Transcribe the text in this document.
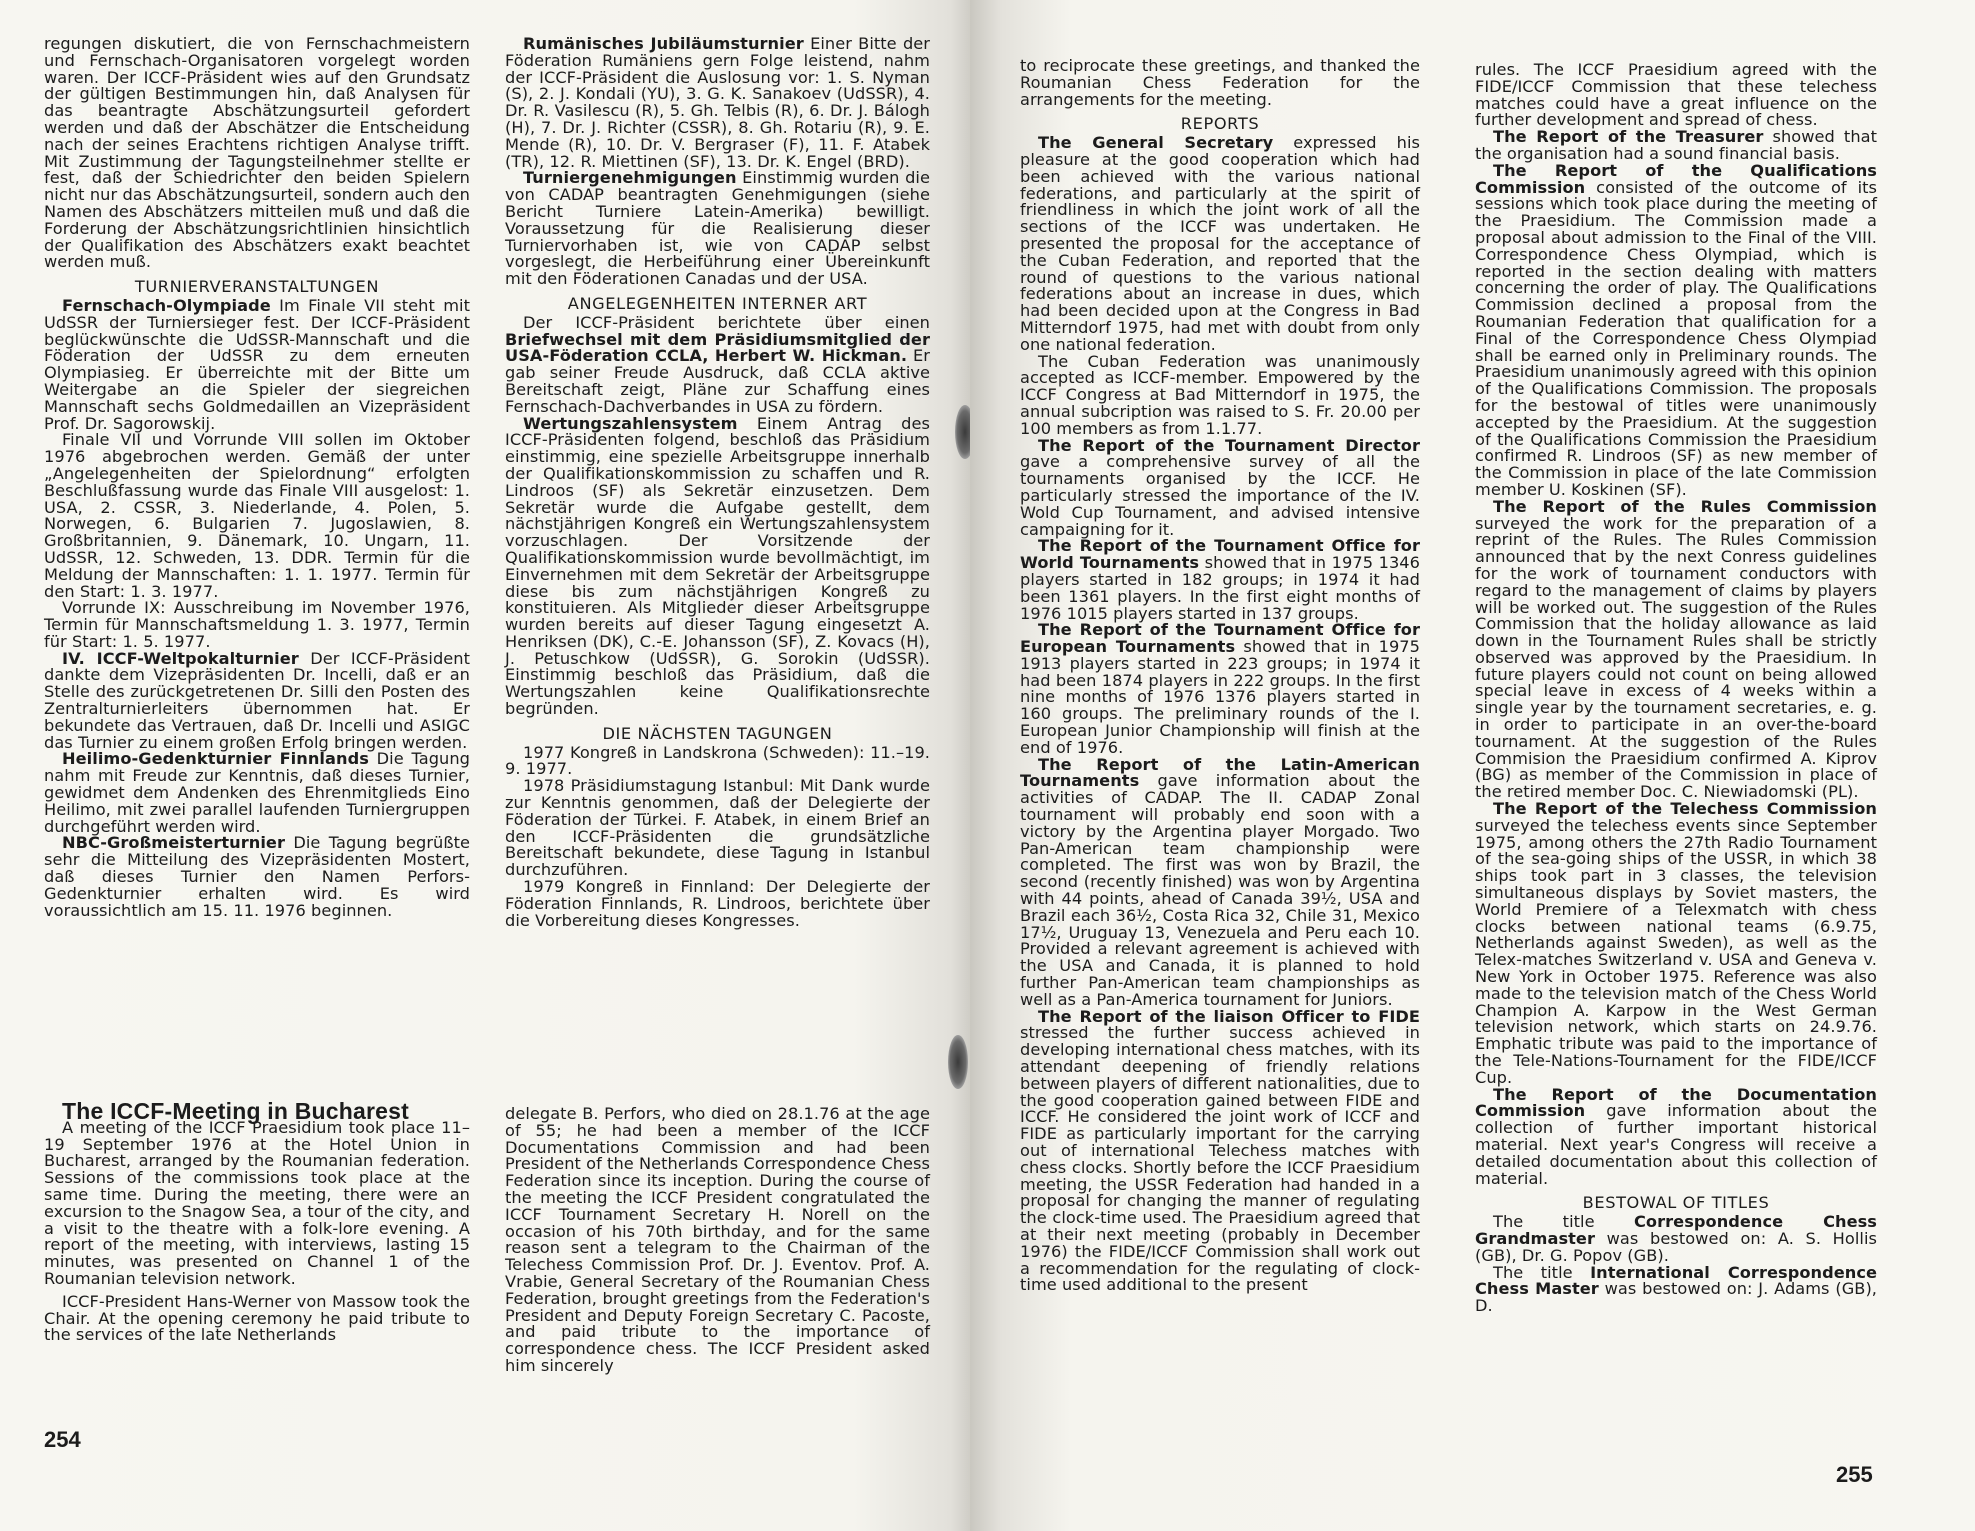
regungen diskutiert, die von Fernschachmeistern und Fernschach-Organisatoren vorgelegt worden waren. Der ICCF-Präsident wies auf den Grundsatz der gültigen Bestimmungen hin, daß Analysen für das beantragte Abschätzungsurteil gefordert werden und daß der Abschätzer die Entscheidung nach der seines Erachtens richtigen Analyse trifft. Mit Zustimmung der Tagungsteilnehmer stellte er fest, daß der Schiedrichter den beiden Spielern nicht nur das Abschätzungsurteil, sondern auch den Namen des Abschätzers mitteilen muß und daß die Forderung der Abschätzungsrichtlinien hinsichtlich der Qualifikation des Abschätzers exakt beachtet werden muß.

TURNIERVERANSTALTUNGEN

Fernschach-Olympiade Im Finale VII steht mit UdSSR der Turniersieger fest. Der ICCF-Präsident beglückwünschte die UdSSR-Mannschaft und die Föderation der UdSSR zu dem erneuten Olympiasieg. Er überreichte mit der Bitte um Weitergabe an die Spieler der siegreichen Mannschaft sechs Goldmedaillen an Vizepräsident Prof. Dr. Sagorowskij.

Finale VII und Vorrunde VIII sollen im Oktober 1976 abgebrochen werden. Gemäß der unter „Angelegenheiten der Spielordnung“ erfolgten Beschlußfassung wurde das Finale VIII ausgelost: 1. USA, 2. CSSR, 3. Niederlande, 4. Polen, 5. Norwegen, 6. Bulgarien 7. Jugoslawien, 8. Großbritannien, 9. Dänemark, 10. Ungarn, 11. UdSSR, 12. Schweden, 13. DDR. Termin für die Meldung der Mannschaften: 1. 1. 1977. Termin für den Start: 1. 3. 1977.

Vorrunde IX: Ausschreibung im November 1976, Termin für Mannschaftsmeldung 1. 3. 1977, Termin für Start: 1. 5. 1977.

IV. ICCF-Weltpokalturnier Der ICCF-Präsident dankte dem Vizepräsidenten Dr. Incelli, daß er an Stelle des zurückgetretenen Dr. Silli den Posten des Zentralturnierleiters übernommen hat. Er bekundete das Vertrauen, daß Dr. Incelli und ASIGC das Turnier zu einem großen Erfolg bringen werden.

Heilimo-Gedenkturnier Finnlands Die Tagung nahm mit Freude zur Kenntnis, daß dieses Turnier, gewidmet dem Andenken des Ehrenmitglieds Eino Heilimo, mit zwei parallel laufenden Turniergruppen durchgeführt werden wird.

NBC-Großmeisterturnier Die Tagung begrüßte sehr die Mitteilung des Vizepräsidenten Mostert, daß dieses Turnier den Namen Perfors-Gedenkturnier erhalten wird. Es wird voraussichtlich am 15. 11. 1976 beginnen.

The ICCF-Meeting in Bucharest

A meeting of the ICCF Praesidium took place 11–19 September 1976 at the Hotel Union in Bucharest, arranged by the Roumanian federation. Sessions of the commissions took place at the same time. During the meeting, there were an excursion to the Snagow Sea, a tour of the city, and a visit to the theatre with a folk-lore evening. A report of the meeting, with interviews, lasting 15 minutes, was presented on Channel 1 of the Roumanian television network.

ICCF-President Hans-Werner von Massow took the Chair. At the opening ceremony he paid tribute to the services of the late Netherlands

Rumänisches Jubiläumsturnier Einer Bitte der Föderation Rumäniens gern Folge leistend, nahm der ICCF-Präsident die Auslosung vor: 1. S. Nyman (S), 2. J. Kondali (YU), 3. G. K. Sanakoev (UdSSR), 4. Dr. R. Vasilescu (R), 5. Gh. Telbis (R), 6. Dr. J. Bálogh (H), 7. Dr. J. Richter (CSSR), 8. Gh. Rotariu (R), 9. E. Mende (R), 10. Dr. V. Bergraser (F), 11. F. Atabek (TR), 12. R. Miettinen (SF), 13. Dr. K. Engel (BRD).

Turniergenehmigungen Einstimmig wurden die von CADAP beantragten Genehmigungen (siehe Bericht Turniere Latein-Amerika) bewilligt. Voraussetzung für die Realisierung dieser Turniervorhaben ist, wie von CADAP selbst vorgeslegt, die Herbeiführung einer Übereinkunft mit den Föderationen Canadas und der USA.

ANGELEGENHEITEN INTERNER ART

Der ICCF-Präsident berichtete über einen Briefwechsel mit dem Präsidiumsmitglied der USA-Föderation CCLA, Herbert W. Hickman. Er gab seiner Freude Ausdruck, daß CCLA aktive Bereitschaft zeigt, Pläne zur Schaffung eines Fernschach-Dachverbandes in USA zu fördern.

Wertungszahlensystem Einem Antrag des ICCF-Präsidenten folgend, beschloß das Präsidium einstimmig, eine spezielle Arbeitsgruppe innerhalb der Qualifikationskommission zu schaffen und R. Lindroos (SF) als Sekretär einzusetzen. Dem Sekretär wurde die Aufgabe gestellt, dem nächstjährigen Kongreß ein Wertungszahlensystem vorzuschlagen. Der Vorsitzende der Qualifikationskommission wurde bevollmächtigt, im Einvernehmen mit dem Sekretär der Arbeitsgruppe diese bis zum nächstjährigen Kongreß zu konstituieren. Als Mitglieder dieser Arbeitsgruppe wurden bereits auf dieser Tagung eingesetzt A. Henriksen (DK), C.-E. Johansson (SF), Z. Kovacs (H), J. Petuschkow (UdSSR), G. Sorokin (UdSSR). Einstimmig beschloß das Präsidium, daß die Wertungszahlen keine Qualifikationsrechte begründen.

DIE NÄCHSTEN TAGUNGEN

1977 Kongreß in Landskrona (Schweden): 11.–19. 9. 1977.

1978 Präsidiumstagung Istanbul: Mit Dank wurde zur Kenntnis genommen, daß der Delegierte der Föderation der Türkei. F. Atabek, in einem Brief an den ICCF-Präsidenten die grundsätzliche Bereitschaft bekundete, diese Tagung in Istanbul durchzuführen.

1979 Kongreß in Finnland: Der Delegierte der Föderation Finnlands, R. Lindroos, berichtete über die Vorbereitung dieses Kongresses.

delegate B. Perfors, who died on 28.1.76 at the age of 55; he had been a member of the ICCF Documentations Commission and had been President of the Netherlands Correspondence Chess Federation since its inception. During the course of the meeting the ICCF President congratulated the ICCF Tournament Secretary H. Norell on the occasion of his 70th birthday, and for the same reason sent a telegram to the Chairman of the Telechess Commission Prof. Dr. J. Eventov. Prof. A. Vrabie, General Secretary of the Roumanian Chess Federation, brought greetings from the Federation's President and Deputy Foreign Secretary C. Pacoste, and paid tribute to the importance of correspondence chess. The ICCF President asked him sincerely

254

to reciprocate these greetings, and thanked the Roumanian Chess Federation for the arrangements for the meeting.

REPORTS

The General Secretary expressed his pleasure at the good cooperation which had been achieved with the various national federations, and particularly at the spirit of friendliness in which the joint work of all the sections of the ICCF was undertaken. He presented the proposal for the acceptance of the Cuban Federation, and reported that the round of questions to the various national federations about an increase in dues, which had been decided upon at the Congress in Bad Mitterndorf 1975, had met with doubt from only one national federation.

The Cuban Federation was unanimously accepted as ICCF-member. Empowered by the ICCF Congress at Bad Mitterndorf in 1975, the annual subcription was raised to S. Fr. 20.00 per 100 members as from 1.1.77.

The Report of the Tournament Director gave a comprehensive survey of all the tournaments organised by the ICCF. He particularly stressed the importance of the IV. Wold Cup Tournament, and advised intensive campaigning for it.

The Report of the Tournament Office for World Tournaments showed that in 1975 1346 players started in 182 groups; in 1974 it had been 1361 players. In the first eight months of 1976 1015 players started in 137 groups.

The Report of the Tournament Office for European Tournaments showed that in 1975 1913 players started in 223 groups; in 1974 it had been 1874 players in 222 groups. In the first nine months of 1976 1376 players started in 160 groups. The preliminary rounds of the I. European Junior Championship will finish at the end of 1976.

The Report of the Latin-American Tournaments gave information about the activities of CADAP. The II. CADAP Zonal tournament will probably end soon with a victory by the Argentina player Morgado. Two Pan-American team championship were completed. The first was won by Brazil, the second (recently finished) was won by Argentina with 44 points, ahead of Canada 39½, USA and Brazil each 36½, Costa Rica 32, Chile 31, Mexico 17½, Uruguay 13, Venezuela and Peru each 10. Provided a relevant agreement is achieved with the USA and Canada, it is planned to hold further Pan-American team championships as well as a Pan-America tournament for Juniors.

The Report of the liaison Officer to FIDE stressed the further success achieved in developing international chess matches, with its attendant deepening of friendly relations between players of different nationalities, due to the good cooperation gained between FIDE and ICCF. He considered the joint work of ICCF and FIDE as particularly important for the carrying out of international Telechess matches with chess clocks. Shortly before the ICCF Praesidium meeting, the USSR Federation had handed in a proposal for changing the manner of regulating the clock-time used. The Praesidium agreed that at their next meeting (probably in December 1976) the FIDE/ICCF Commission shall work out a recommendation for the regulating of clock-time used additional to the present

rules. The ICCF Praesidium agreed with the FIDE/ICCF Commission that these telechess matches could have a great influence on the further development and spread of chess.

The Report of the Treasurer showed that the organisation had a sound financial basis.

The Report of the Qualifications Commission consisted of the outcome of its sessions which took place during the meeting of the Praesidium. The Commission made a proposal about admission to the Final of the VIII. Correspondence Chess Olympiad, which is reported in the section dealing with matters concerning the order of play. The Qualifications Commission declined a proposal from the Roumanian Federation that qualification for a Final of the Correspondence Chess Olympiad shall be earned only in Preliminary rounds. The Praesidium unanimously agreed with this opinion of the Qualifications Commission. The proposals for the bestowal of titles were unanimously accepted by the Praesidium. At the suggestion of the Qualifications Commission the Praesidium confirmed R. Lindroos (SF) as new member of the Commission in place of the late Commission member U. Koskinen (SF).

The Report of the Rules Commission surveyed the work for the preparation of a reprint of the Rules. The Rules Commission announced that by the next Conress guidelines for the work of tournament conductors with regard to the management of claims by players will be worked out. The suggestion of the Rules Commission that the holiday allowance as laid down in the Tournament Rules shall be strictly observed was approved by the Praesidium. In future players could not count on being allowed special leave in excess of 4 weeks within a single year by the tournament secretaries, e. g. in order to participate in an over-the-board tournament. At the suggestion of the Rules Commision the Praesidium confirmed A. Kiprov (BG) as member of the Commission in place of the retired member Doc. C. Niewiadomski (PL).

The Report of the Telechess Commission surveyed the telechess events since September 1975, among others the 27th Radio Tournament of the sea-going ships of the USSR, in which 38 ships took part in 3 classes, the television simultaneous displays by Soviet masters, the World Premiere of a Telexmatch with chess clocks between national teams (6.9.75, Netherlands against Sweden), as well as the Telex-matches Switzerland v. USA and Geneva v. New York in October 1975. Reference was also made to the television match of the Chess World Champion A. Karpow in the West German television network, which starts on 24.9.76. Emphatic tribute was paid to the importance of the Tele-Nations-Tournament for the FIDE/ICCF Cup.

The Report of the Documentation Commission gave information about the collection of further important historical material. Next year's Congress will receive a detailed documentation about this collection of material.

BESTOWAL OF TITLES

The title Correspondence Chess Grandmaster was bestowed on: A. S. Hollis (GB), Dr. G. Popov (GB).

The title International Correspondence Chess Master was bestowed on: J. Adams (GB), D.

255
